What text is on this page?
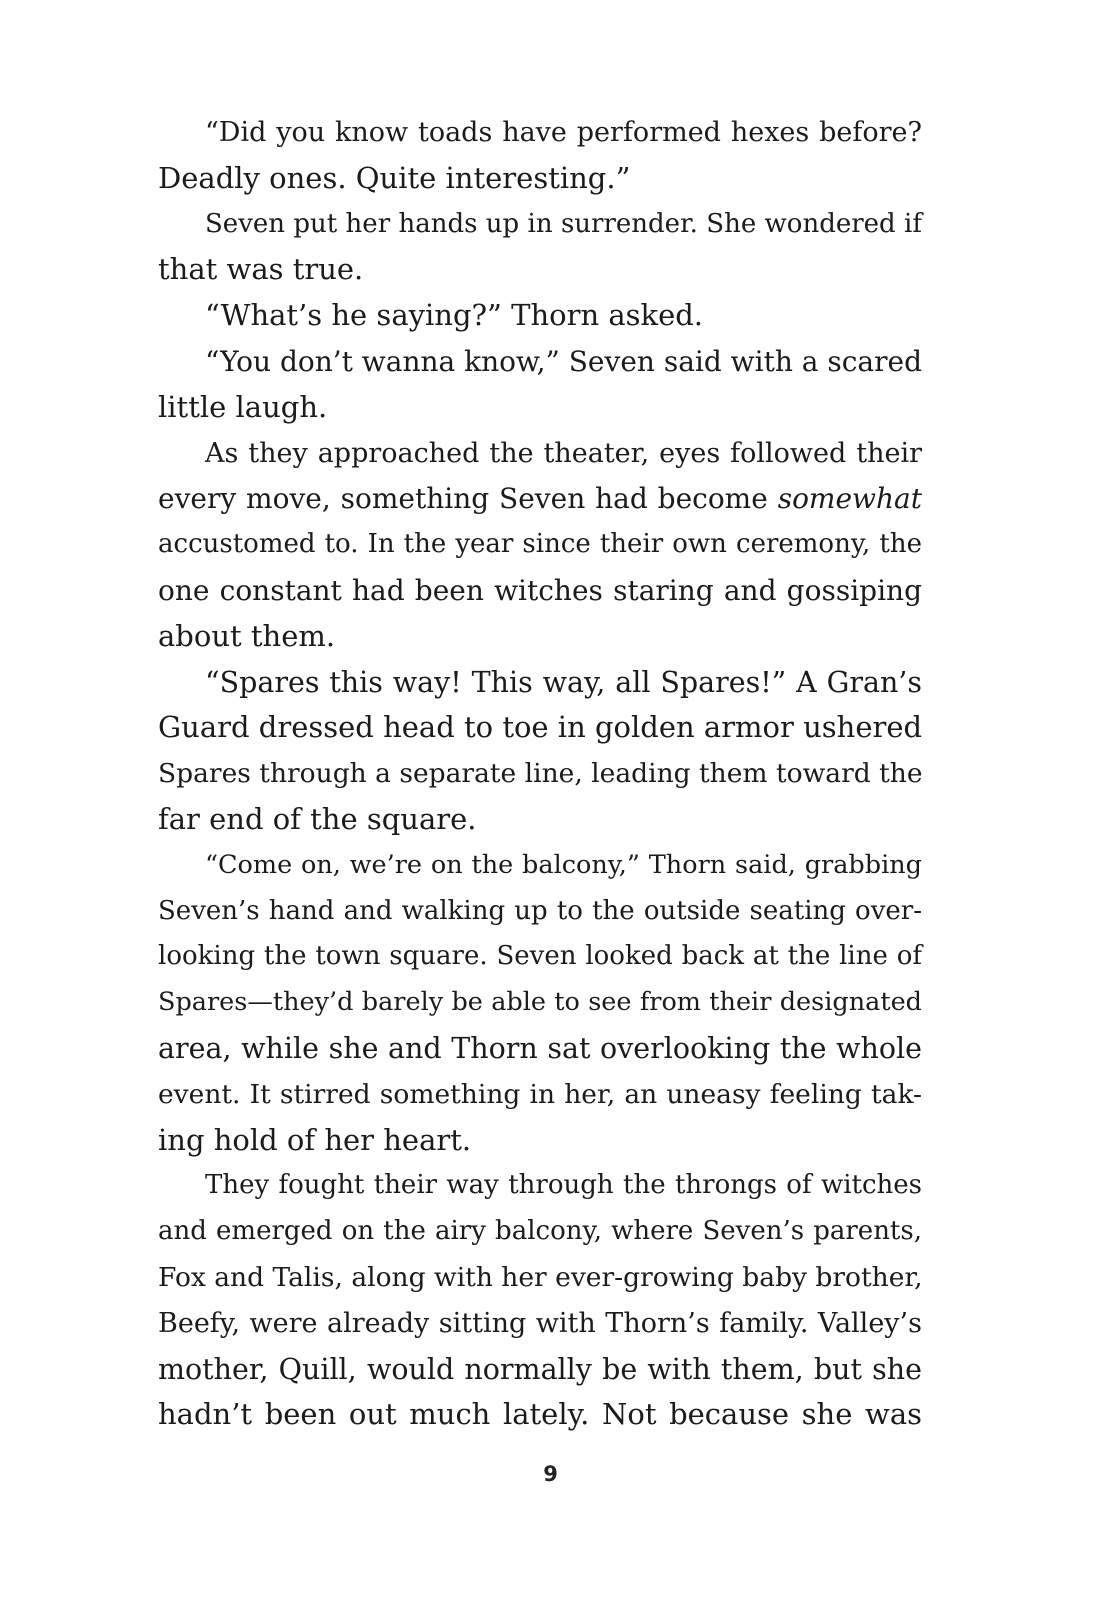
“Did you know toads have performed hexes before?
Deadly ones. Quite interesting.”
Seven put her hands up in surrender. She wondered if
that was true.
“What’s he saying?” Thorn asked.
“You don’t wanna know,” Seven said with a scared
little laugh.
As they approached the theater, eyes followed their
every move, something Seven had become somewhat
accustomed to. In the year since their own ceremony, the
one constant had been witches staring and gossiping
about them.
“Spares this way! This way, all Spares!” A Gran’s
Guard dressed head to toe in golden armor ushered
Spares through a separate line, leading them toward the
far end of the square.
“Come on, we’re on the balcony,” Thorn said, grabbing
Seven’s hand and walking up to the outside seating over-
looking the town square. Seven looked back at the line of
Spares—they’d barely be able to see from their designated
area, while she and Thorn sat overlooking the whole
event. It stirred something in her, an uneasy feeling tak-
ing hold of her heart.
They fought their way through the throngs of witches
and emerged on the airy balcony, where Seven’s parents,
Fox and Talis, along with her ever-growing baby brother,
Beefy, were already sitting with Thorn’s family. Valley’s
mother, Quill, would normally be with them, but she
hadn’t been out much lately. Not because she was
9
